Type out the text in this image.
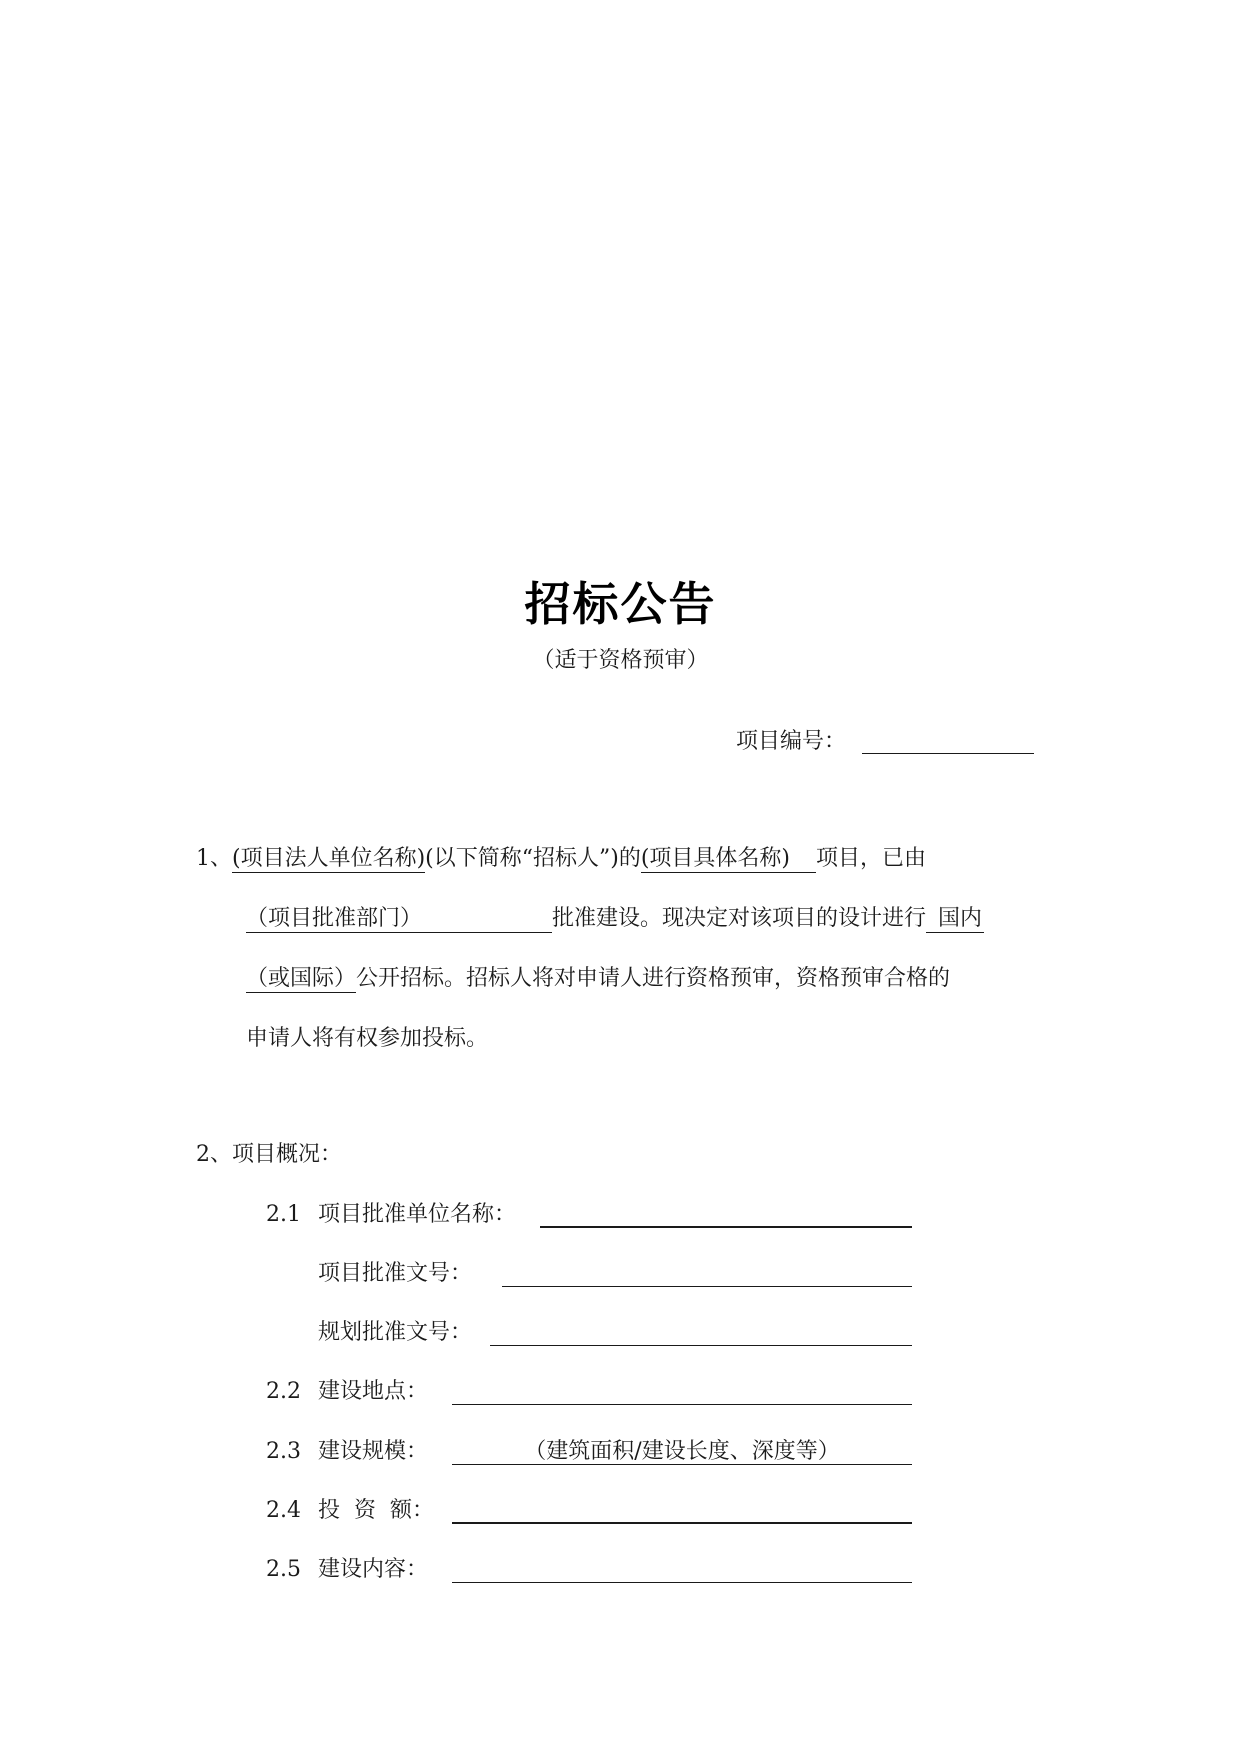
招标公告
（适于资格预审）
项目编号：
1、(项目法人单位名称)(以下简称“招标人”)的(项目具体名称) 项目，已由
（项目批准部门）	批准建设。现决定对该项目的设计进行 国内
（或国际）公开招标。招标人将对申请人进行资格预审，资格预审合格的
申请人将有权参加投标。
2、项目概况：
2.1 项目批准单位名称：
项目批准文号：
规划批准文号：
2.2 建设地点：
2.3 建设规模：	（建筑面积/建设长度、深度等）
2.4 投  资  额：
2.5 建设内容：
